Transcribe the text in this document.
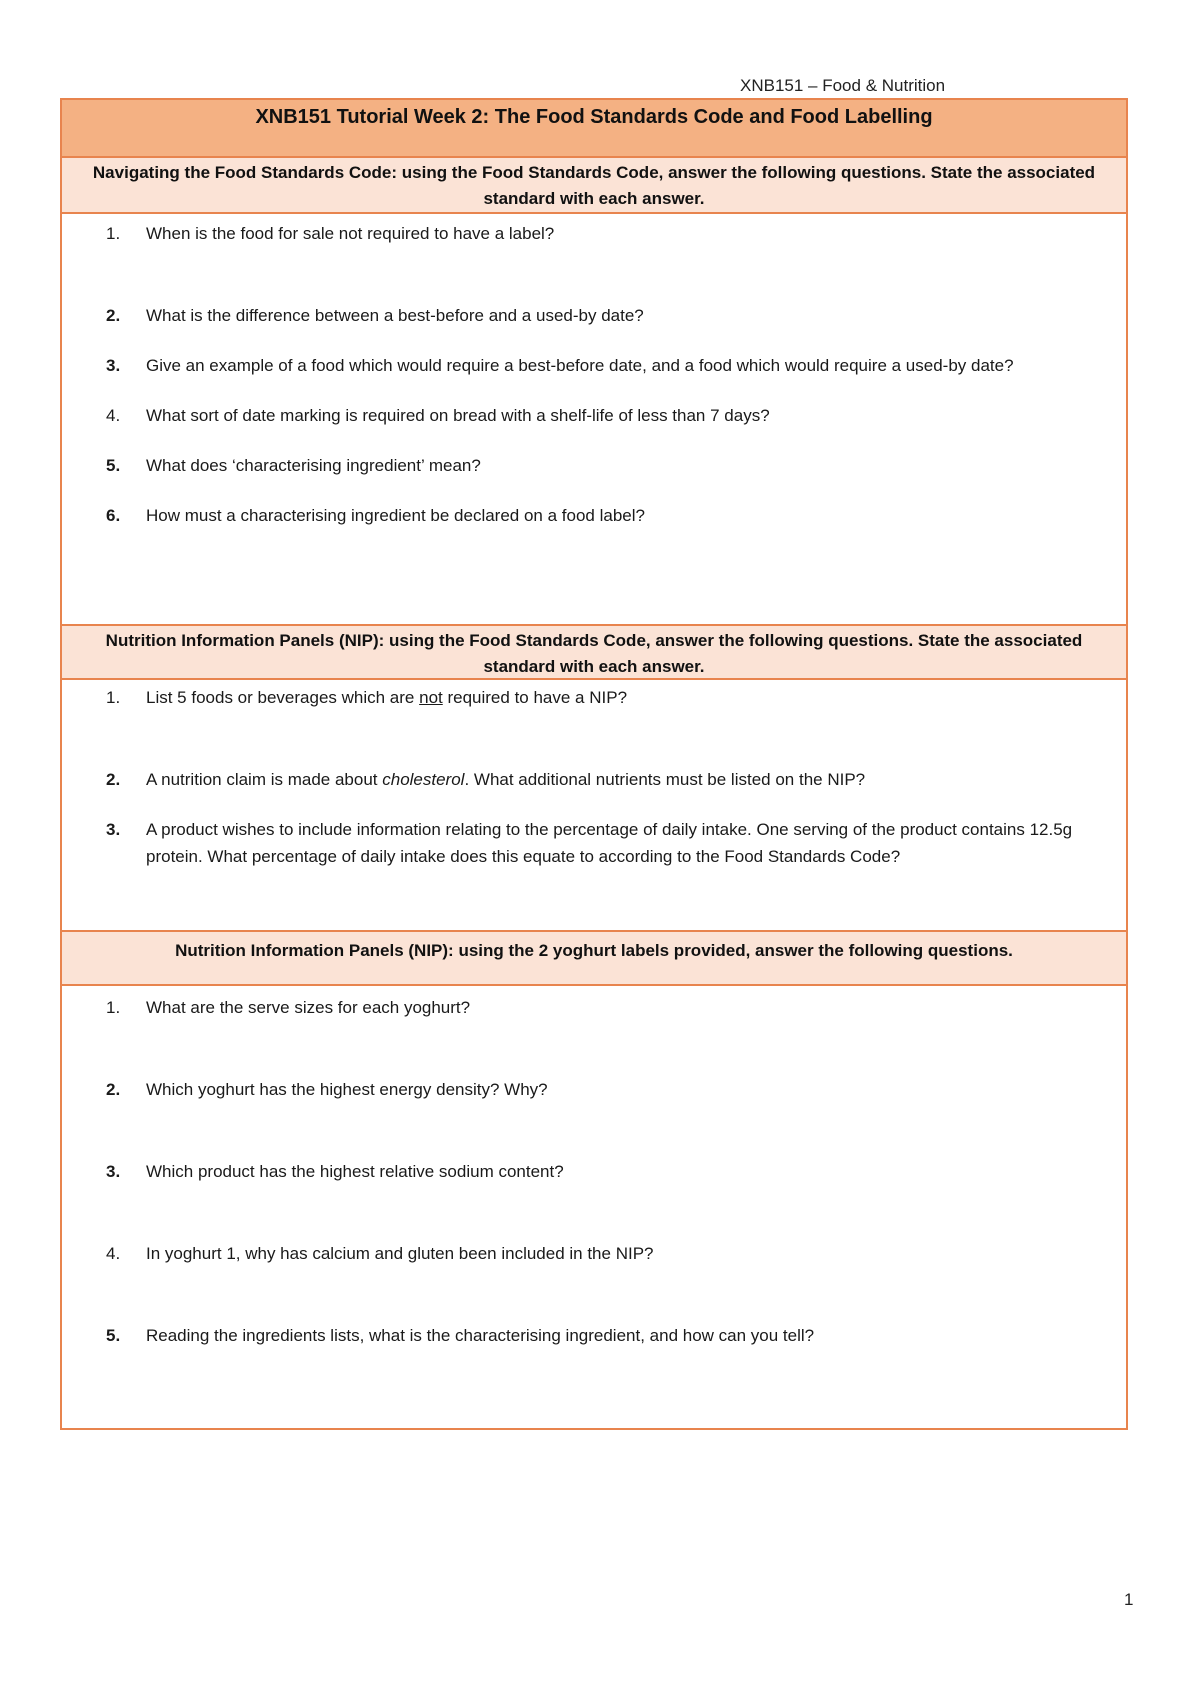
XNB151 – Food & Nutrition
XNB151 Tutorial Week 2: The Food Standards Code and Food Labelling
Navigating the Food Standards Code: using the Food Standards Code, answer the following questions. State the associated standard with each answer.
1. When is the food for sale not required to have a label?
2. What is the difference between a best-before and a used-by date?
3. Give an example of a food which would require a best-before date, and a food which would require a used-by date?
4. What sort of date marking is required on bread with a shelf-life of less than 7 days?
5. What does ‘characterising ingredient’ mean?
6. How must a characterising ingredient be declared on a food label?
Nutrition Information Panels (NIP): using the Food Standards Code, answer the following questions. State the associated standard with each answer.
1. List 5 foods or beverages which are not required to have a NIP?
2. A nutrition claim is made about cholesterol. What additional nutrients must be listed on the NIP?
3. A product wishes to include information relating to the percentage of daily intake. One serving of the product contains 12.5g protein. What percentage of daily intake does this equate to according to the Food Standards Code?
Nutrition Information Panels (NIP): using the 2 yoghurt labels provided, answer the following questions.
1. What are the serve sizes for each yoghurt?
2. Which yoghurt has the highest energy density? Why?
3. Which product has the highest relative sodium content?
4. In yoghurt 1, why has calcium and gluten been included in the NIP?
5. Reading the ingredients lists, what is the characterising ingredient, and how can you tell?
1
